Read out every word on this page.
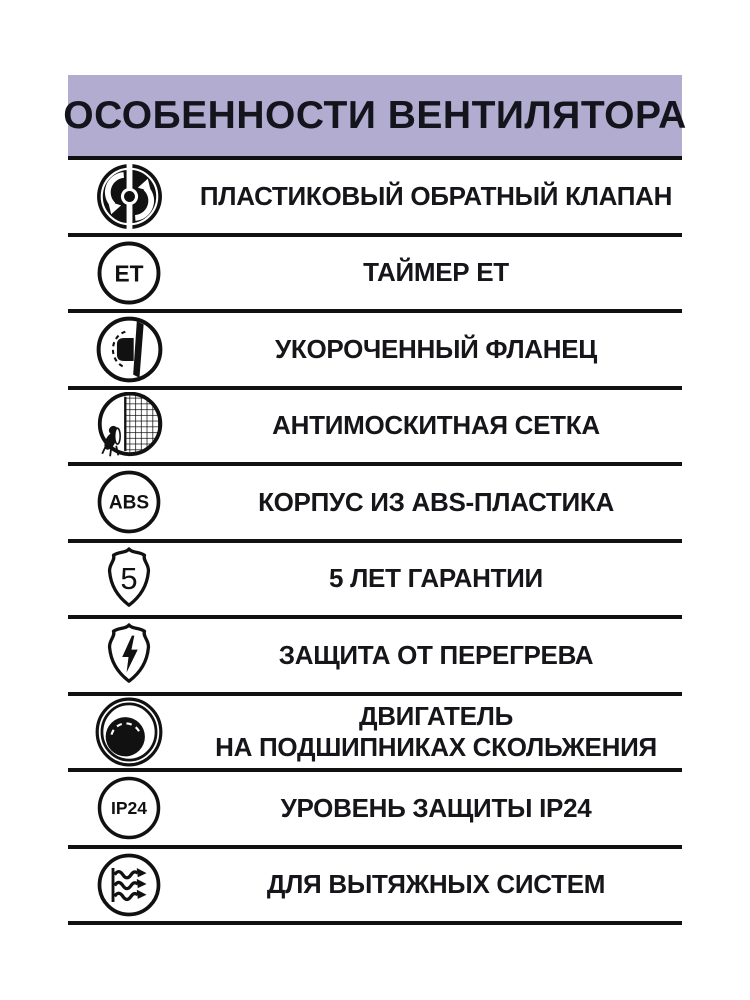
ОСОБЕННОСТИ ВЕНТИЛЯТОРА
ПЛАСТИКОВЫЙ ОБРАТНЫЙ КЛАПАН
ET	ТАЙМЕР ET
УКОРОЧЕННЫЙ ФЛАНЕЦ
АНТИМОСКИТНАЯ СЕТКА
ABS	КОРПУС ИЗ ABS-ПЛАСТИКА
5	5 ЛЕТ ГАРАНТИИ
ЗАЩИТА ОТ ПЕРЕГРЕВА
ДВИГАТЕЛЬ
НА ПОДШИПНИКАХ СКОЛЬЖЕНИЯ
IP24	УРОВЕНЬ ЗАЩИТЫ IP24
ДЛЯ ВЫТЯЖНЫХ СИСТЕМ
